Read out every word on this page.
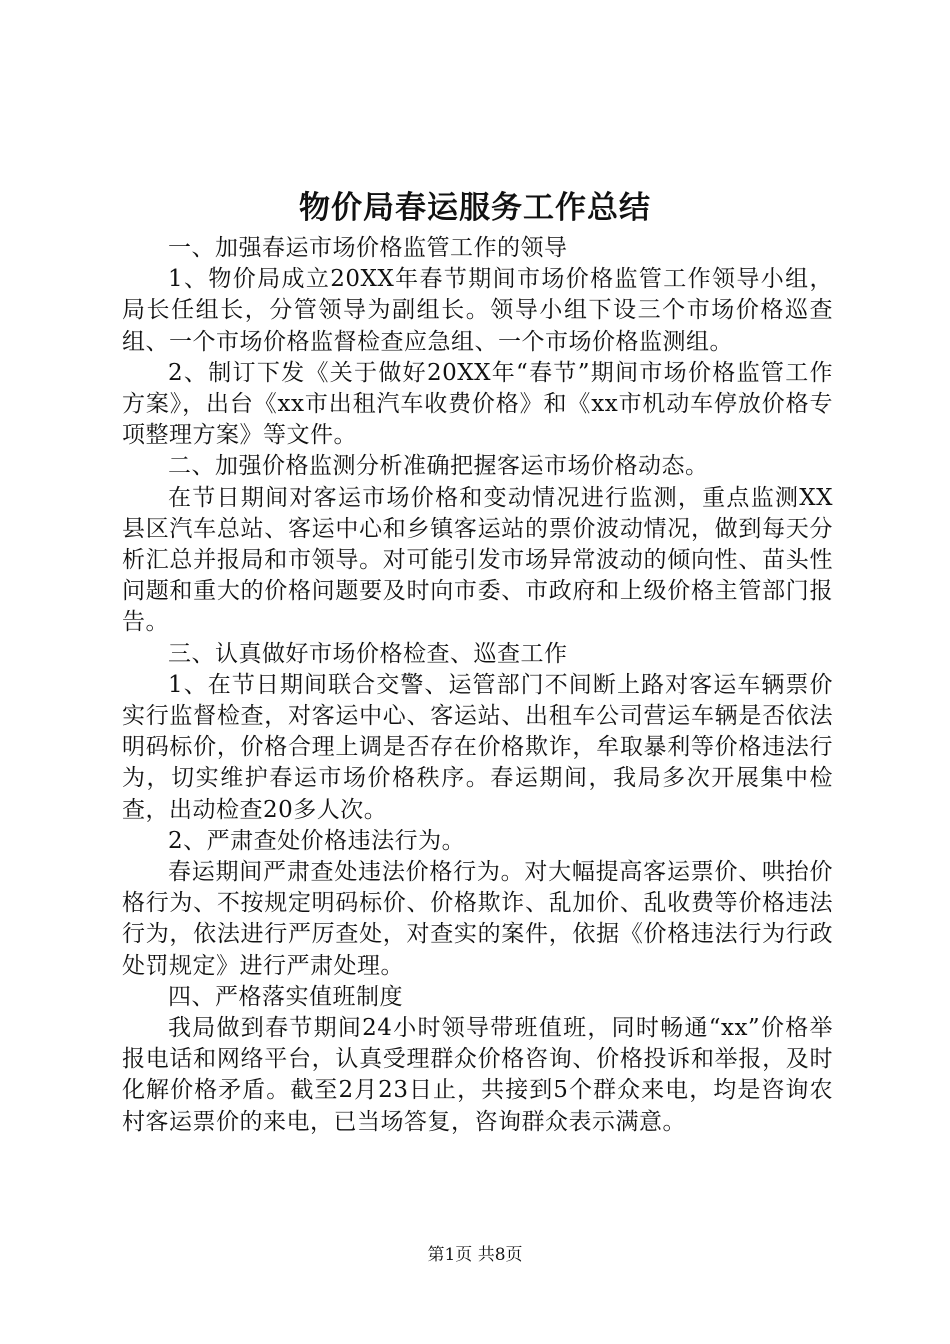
物价局春运服务工作总结

一、加强春运市场价格监管工作的领导

1、物价局成立20XX年春节期间市场价格监管工作领导小组，局长任组长，分管领导为副组长。领导小组下设三个市场价格巡查组、一个市场价格监督检查应急组、一个市场价格监测组。

2、制订下发《关于做好20XX年“春节”期间市场价格监管工作方案》，出台《xx市出租汽车收费价格》和《xx市机动车停放价格专项整理方案》等文件。

二、加强价格监测分析准确把握客运市场价格动态。

在节日期间对客运市场价格和变动情况进行监测，重点监测XX县区汽车总站、客运中心和乡镇客运站的票价波动情况，做到每天分析汇总并报局和市领导。对可能引发市场异常波动的倾向性、苗头性问题和重大的价格问题要及时向市委、市政府和上级价格主管部门报告。

三、认真做好市场价格检查、巡查工作

1、在节日期间联合交警、运管部门不间断上路对客运车辆票价实行监督检查，对客运中心、客运站、出租车公司营运车辆是否依法明码标价，价格合理上调是否存在价格欺诈，牟取暴利等价格违法行为，切实维护春运市场价格秩序。春运期间，我局多次开展集中检查，出动检查20多人次。

2、严肃查处价格违法行为。

春运期间严肃查处违法价格行为。对大幅提高客运票价、哄抬价格行为、不按规定明码标价、价格欺诈、乱加价、乱收费等价格违法行为，依法进行严厉查处，对查实的案件，依据《价格违法行为行政处罚规定》进行严肃处理。

四、严格落实值班制度

我局做到春节期间24小时领导带班值班，同时畅通“xx”价格举报电话和网络平台，认真受理群众价格咨询、价格投诉和举报，及时化解价格矛盾。截至2月23日止，共接到5个群众来电，均是咨询农村客运票价的来电，已当场答复，咨询群众表示满意。

第1页 共8页
